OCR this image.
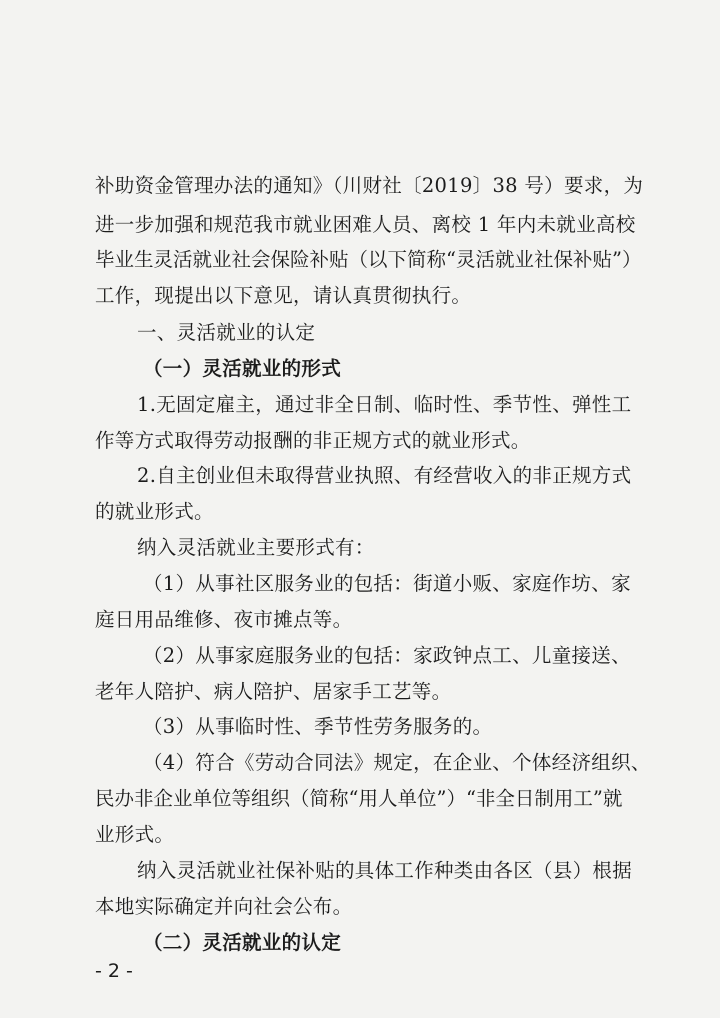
补助资金管理办法的通知》（川财社〔2019〕38 号）要求，为
进一步加强和规范我市就业困难人员、离校 1 年内未就业高校
毕业生灵活就业社会保险补贴（以下简称“灵活就业社保补贴”）
工作，现提出以下意见，请认真贯彻执行。
一、灵活就业的认定
（一）灵活就业的形式
1.无固定雇主，通过非全日制、临时性、季节性、弹性工
作等方式取得劳动报酬的非正规方式的就业形式。
2.自主创业但未取得营业执照、有经营收入的非正规方式
的就业形式。
纳入灵活就业主要形式有：
（1）从事社区服务业的包括：街道小贩、家庭作坊、家
庭日用品维修、夜市摊点等。
（2）从事家庭服务业的包括：家政钟点工、儿童接送、
老年人陪护、病人陪护、居家手工艺等。
（3）从事临时性、季节性劳务服务的。
（4）符合《劳动合同法》规定，在企业、个体经济组织、
民办非企业单位等组织（简称“用人单位”）“非全日制用工”就
业形式。
纳入灵活就业社保补贴的具体工作种类由各区（县）根据
本地实际确定并向社会公布。
（二）灵活就业的认定
- 2 -
